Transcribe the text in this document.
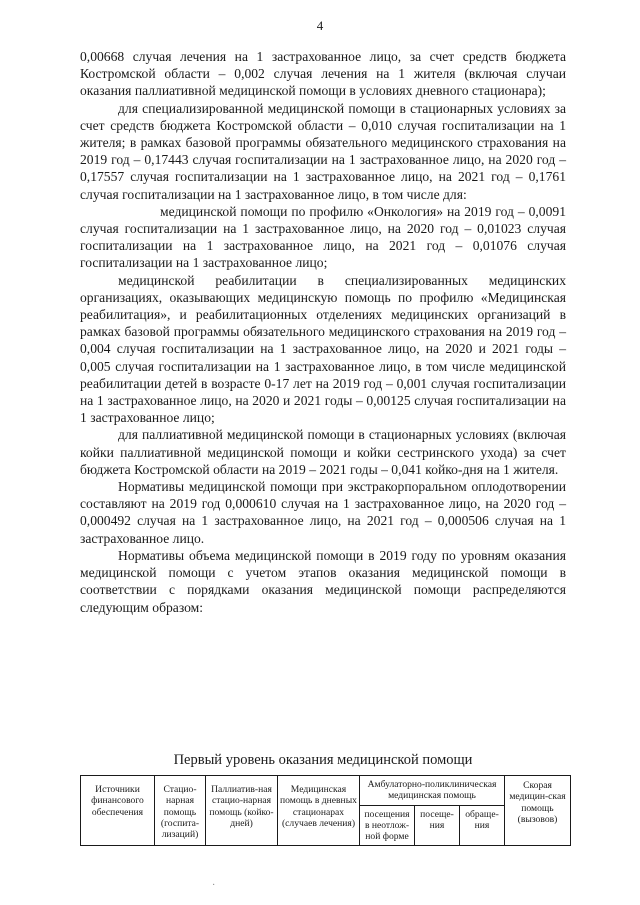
4

0,00668 случая лечения на 1 застрахованное лицо, за счет средств бюджета Костромской области – 0,002 случая лечения на 1 жителя (включая случаи оказания паллиативной медицинской помощи в условиях дневного стационара);

для специализированной медицинской помощи в стационарных условиях за счет средств бюджета Костромской области – 0,010 случая госпитализации на 1 жителя; в рамках базовой программы обязательного медицинского страхования на 2019 год – 0,17443 случая госпитализации на 1 застрахованное лицо, на 2020 год – 0,17557 случая госпитализации на 1 застрахованное лицо, на 2021 год – 0,1761 случая госпитализации на 1 застрахованное лицо, в том числе для:

медицинской помощи по профилю «Онкология» на 2019 год – 0,0091 случая госпитализации на 1 застрахованное лицо, на 2020 год – 0,01023 случая госпитализации на 1 застрахованное лицо, на 2021 год – 0,01076 случая госпитализации на 1 застрахованное лицо;

медицинской реабилитации в специализированных медицинских организациях, оказывающих медицинскую помощь по профилю «Медицинская реабилитация», и реабилитационных отделениях медицинских организаций в рамках базовой программы обязательного медицинского страхования на 2019 год – 0,004 случая госпитализации на 1 застрахованное лицо, на 2020 и 2021 годы – 0,005 случая госпитализации на 1 застрахованное лицо, в том числе медицинской реабилитации детей в возрасте 0-17 лет на 2019 год – 0,001 случая госпитализации на 1 застрахованное лицо, на 2020 и 2021 годы – 0,00125 случая госпитализации на 1 застрахованное лицо;

для паллиативной медицинской помощи в стационарных условиях (включая койки паллиативной медицинской помощи и койки сестринского ухода) за счет бюджета Костромской области на 2019 – 2021 годы – 0,041 койко-дня на 1 жителя.

Нормативы медицинской помощи при экстракорпоральном оплодотворении составляют на 2019 год 0,000610 случая на 1 застрахованное лицо, на 2020 год – 0,000492 случая на 1 застрахованное лицо, на 2021 год – 0,000506 случая на 1 застрахованное лицо.

Нормативы объема медицинской помощи в 2019 году по уровням оказания медицинской помощи с учетом этапов оказания медицинской помощи в соответствии с порядками оказания медицинской помощи распределяются следующим образом:

Первый уровень оказания медицинской помощи
Источники финансового обеспечения	Стацио-нарная помощь (госпита-лизаций)	Паллиатив-ная стацио-нарная помощь (койко-дней)	Медицинская помощь в дневных стационарах (случаев лечения)	Амбулаторно-поликлиническая медицинская помощь			Скорая медицин-ская помощь (вызовов)
				посещения в неотлож-ной форме	посеще-ния	обраще-ния	
·
